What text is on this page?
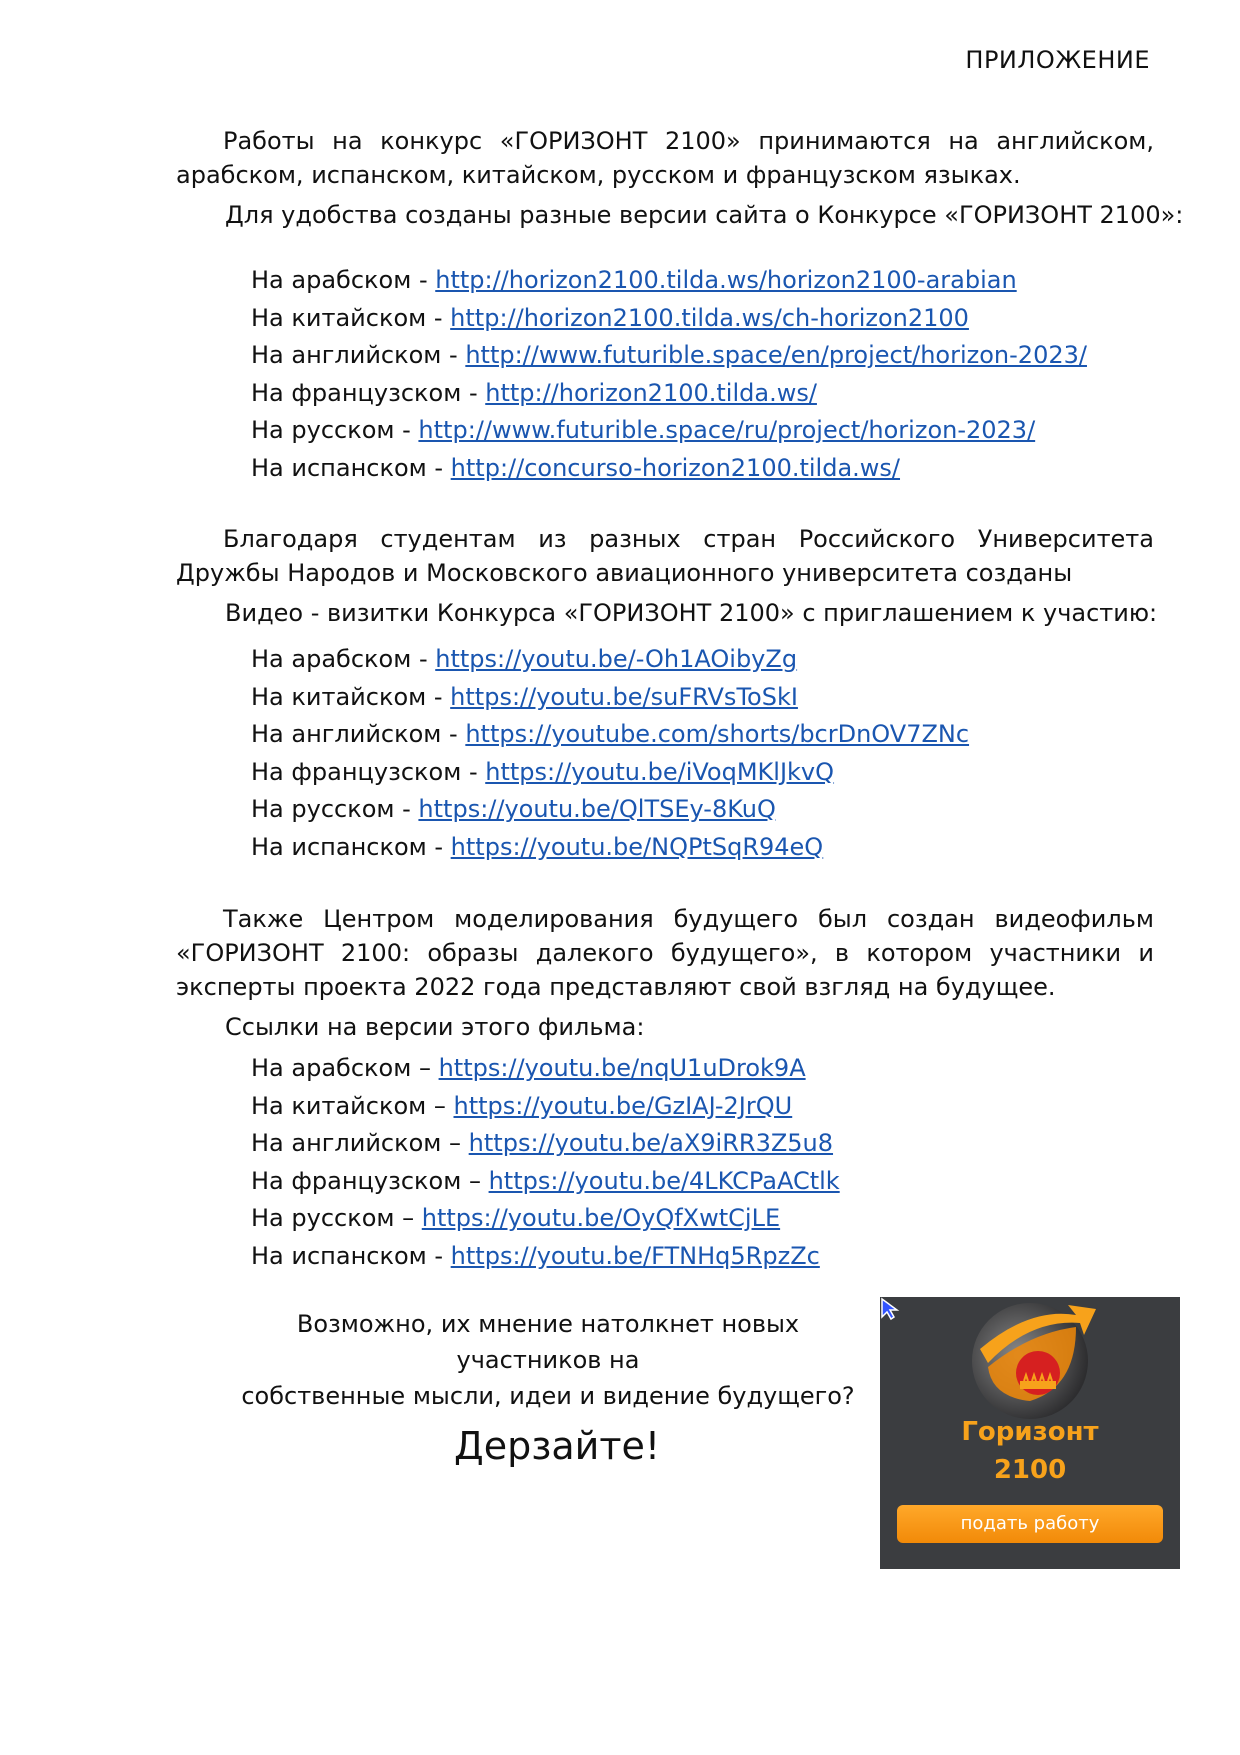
ПРИЛОЖЕНИЕ
Работы на конкурс «ГОРИЗОНТ 2100» принимаются на английском, арабском, испанском, китайском, русском и французском языках.
Для удобства созданы разные версии сайта о Конкурсе «ГОРИЗОНТ 2100»:
На арабском - http://horizon2100.tilda.ws/horizon2100-arabian
На китайском - http://horizon2100.tilda.ws/ch-horizon2100
На английском - http://www.futurible.space/en/project/horizon-2023/
На французском - http://horizon2100.tilda.ws/
На русском - http://www.futurible.space/ru/project/horizon-2023/
На испанском - http://concurso-horizon2100.tilda.ws/
Благодаря студентам из разных стран Российского Университета Дружбы Народов и Московского авиационного университета созданы
Видео - визитки Конкурса «ГОРИЗОНТ 2100» с приглашением к участию:
На арабском - https://youtu.be/-Oh1AOibyZg
На китайском - https://youtu.be/suFRVsToSkI
На английском - https://youtube.com/shorts/bcrDnOV7ZNc
На французском - https://youtu.be/iVoqMKlJkvQ
На русском - https://youtu.be/QlTSEy-8KuQ
На испанском - https://youtu.be/NQPtSqR94eQ
Также Центром моделирования будущего был создан видеофильм «ГОРИЗОНТ 2100: образы далекого будущего», в котором участники и эксперты проекта 2022 года представляют свой взгляд на будущее.
Ссылки на версии этого фильма:
На арабском – https://youtu.be/nqU1uDrok9A
На китайском – https://youtu.be/GzIAJ-2JrQU
На английском – https://youtu.be/aX9iRR3Z5u8
На французском – https://youtu.be/4LKCPaACtlk
На русском – https://youtu.be/OyQfXwtCjLE
На испанском - https://youtu.be/FTNHq5RpzZc
Возможно, их мнение натолкнет новых участников на
собственные мысли, идеи и видение будущего?
Дерзайте!	Горизонт
2100
подать работу
